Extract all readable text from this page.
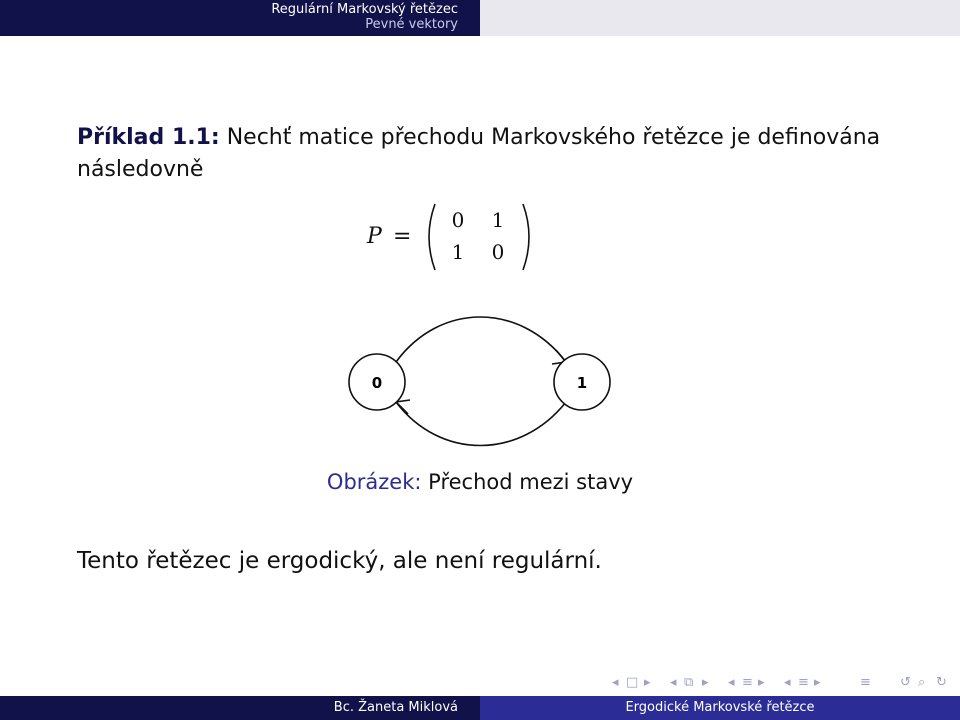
Regulární Markovský řetězec
Pevné vektory
Příklad 1.1: Nechť matice přechodu Markovského řetězce je definována následovně
P =
0 1
1 0
0	1
Obrázek: Přechod mezi stavy
Tento řetězec je ergodický, ale není regulární.
◂ □ ▸ ◂ ⧉ ▸ ◂ ≡ ▸ ◂ ≡ ▸	≡ ↺ ⌕ ↻
Bc. Žaneta Miklová	Ergodické Markovské řetězce
